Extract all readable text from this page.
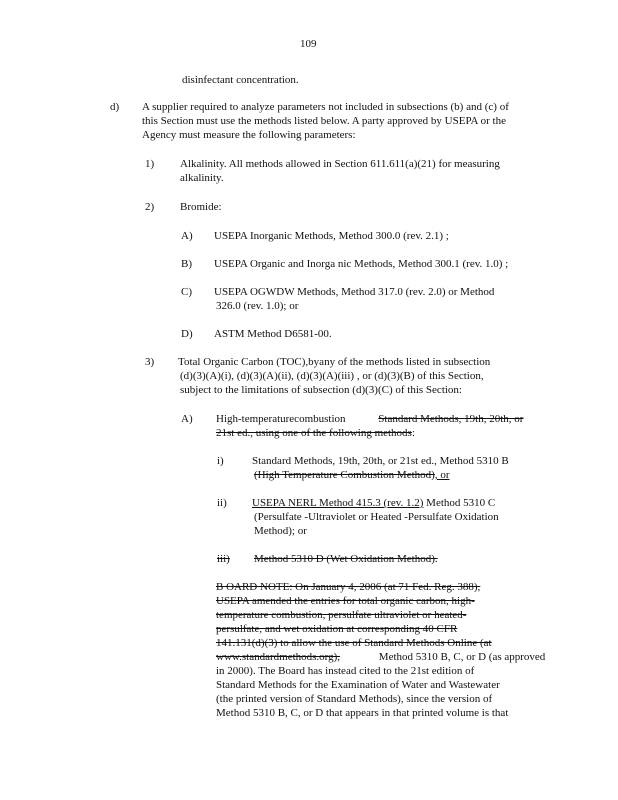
109
disinfectant concentration.
d) A supplier required to analyze parameters not included in subsections (b) and (c) of
this Section must use the methods listed below. A party approved by USEPA or the
Agency must measure the following parameters:
1) Alkalinity. All methods allowed in Section 611.611(a)(21) for measuring
alkalinity.
2) Bromide:
A) USEPA Inorganic Methods, Method 300.0 (rev. 2.1) ;
B) USEPA Organic and Inorga nic Methods, Method 300.1 (rev. 1.0) ;
C) USEPA OGWDW Methods, Method 317.0 (rev. 2.0) or Method
326.0 (rev. 1.0); or
D) ASTM Method D6581-00.
3) Total Organic Carbon (TOC),byany of the methods listed in subsection
(d)(3)(A)(i), (d)(3)(A)(ii), (d)(3)(A)(iii) , or (d)(3)(B) of this Section,
subject to the limitations of subsection (d)(3)(C) of this Section:
A) High-temperaturecombustion	Standard Methods, 19th, 20th, or
21st ed., using one of the following methods:
i)	Standard Methods, 19th, 20th, or 21st ed., Method 5310 B
(High Temperature Combustion Method), or
ii) USEPA NERL Method 415.3 (rev. 1.2) Method 5310 C
(Persulfate -Ultraviolet or Heated -Persulfate Oxidation
Method); or
iii) Method 5310 D (Wet Oxidation Method).
B OARD NOTE: On January 4, 2006 (at 71 Fed. Reg. 388),
USEPA amended the entries for total organic carbon, high-
temperature combustion, persulfate ultraviolet or heated-
persulfate, and wet oxidation at corresponding 40 CFR
141.131(d)(3) to allow the use of Standard Methods Online (at
www.standardmethods.org),	Method 5310 B, C, or D (as approved
in 2000). The Board has instead cited to the 21st edition of
Standard Methods for the Examination of Water and Wastewater
(the printed version of Standard Methods), since the version of
Method 5310 B, C, or D that appears in that printed volume is that
